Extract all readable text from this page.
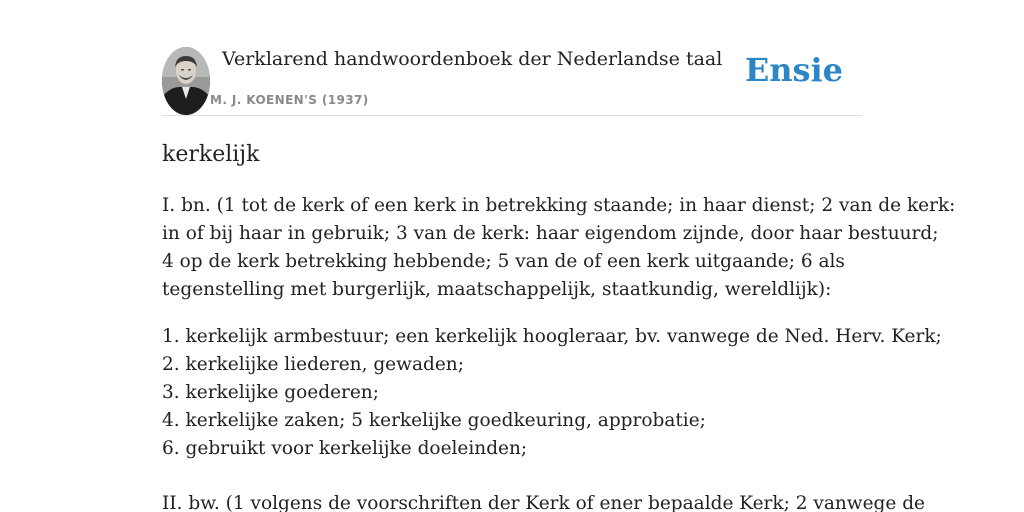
Verklarend handwoordenboek der Nederlandse taal
M. J. KOENEN'S (1937)
Ensie
kerkelijk

I. bn. (1 tot de kerk of een kerk in betrekking staande; in haar dienst; 2 van de kerk:

in of bij haar in gebruik; 3 van de kerk: haar eigendom zijnde, door haar bestuurd;

4 op de kerk betrekking hebbende; 5 van de of een kerk uitgaande; 6 als

tegenstelling met burgerlijk, maatschappelijk, staatkundig, wereldlijk):

1. kerkelijk armbestuur; een kerkelijk hoogleraar, bv. vanwege de Ned. Herv. Kerk;

2. kerkelijke liederen, gewaden;

3. kerkelijke goederen;

4. kerkelijke zaken; 5 kerkelijke goedkeuring, approbatie;

6. gebruikt voor kerkelijke doeleinden;

II. bw. (1 volgens de voorschriften der Kerk of ener bepaalde Kerk; 2 vanwege de
